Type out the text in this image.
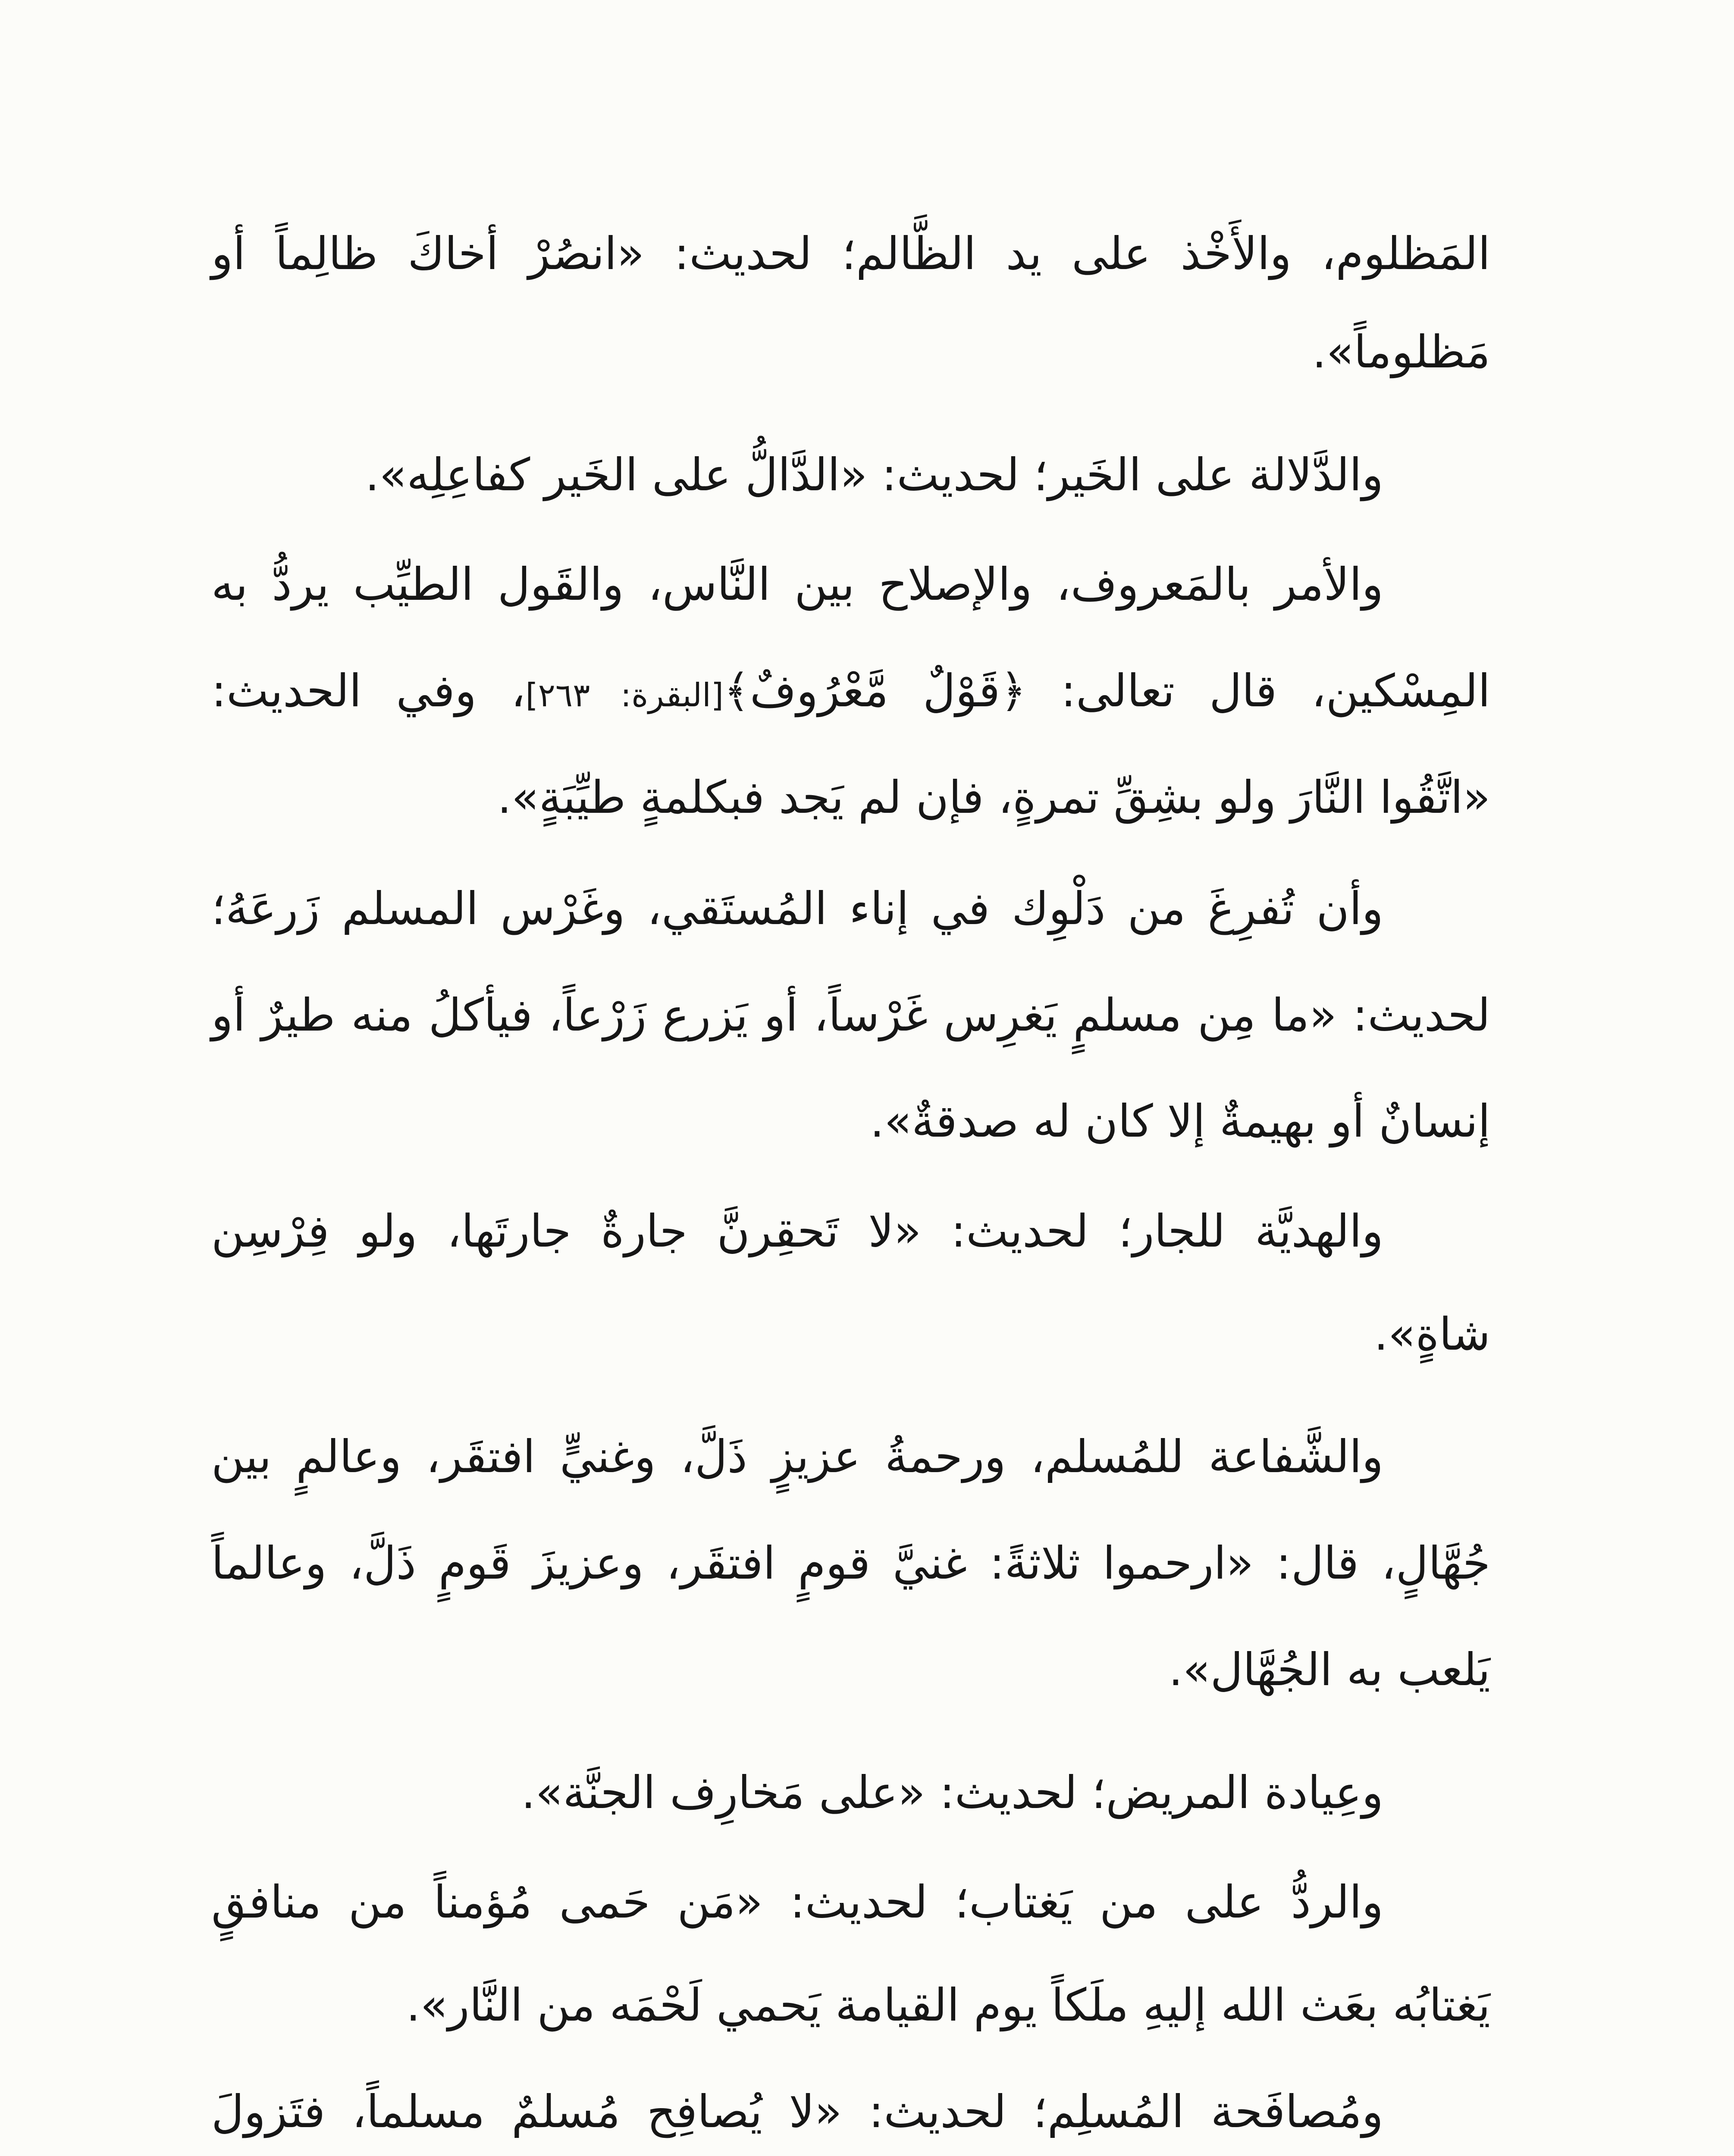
المَظلوم، والأَخْذ على يد الظَّالم؛ لحديث: «انصُرْ أخاكَ ظالِماً أو
مَظلوماً».
والدَّلالة على الخَير؛ لحديث: «الدَّالُّ على الخَير كفاعِلِه».
والأمر بالمَعروف، والإصلاح بين النَّاس، والقَول الطيِّب يردُّ به
المِسْكين، قال تعالى: ﴿قَوْلٌ مَّعْرُوفٌ﴾[البقرة: ٢٦٣]، وفي الحديث:
«اتَّقُوا النَّارَ ولو بشِقِّ تمرةٍ، فإن لم يَجد فبكلمةٍ طيِّبَةٍ».
وأن تُفرِغَ من دَلْوِك في إناء المُستَقي، وغَرْس المسلم زَرعَهُ؛
لحديث: «ما مِن مسلمٍ يَغرِس غَرْساً، أو يَزرع زَرْعاً، فيأكلُ منه طيرٌ أو
إنسانٌ أو بهيمةٌ إلا كان له صدقةٌ».
والهديَّة للجار؛ لحديث: «لا تَحقِرنَّ جارةٌ جارتَها، ولو فِرْسِن
شاةٍ».
والشَّفاعة للمُسلم، ورحمةُ عزيزٍ ذَلَّ، وغنيٍّ افتقَر، وعالمٍ بين
جُهَّالٍ، قال: «ارحموا ثلاثةً: غنيَّ قومٍ افتقَر، وعزيزَ قَومٍ ذَلَّ، وعالماً
يَلعب به الجُهَّال».
وعِيادة المريض؛ لحديث: «على مَخارِف الجنَّة».
والردُّ على من يَغتاب؛ لحديث: «مَن حَمى مُؤمناً من منافقٍ
يَغتابُه بعَث الله إليهِ ملَكاً يوم القيامة يَحمي لَحْمَه من النَّار».
ومُصافَحة المُسلِم؛ لحديث: «لا يُصافِح مُسلمٌ مسلماً، فتَزولَ
